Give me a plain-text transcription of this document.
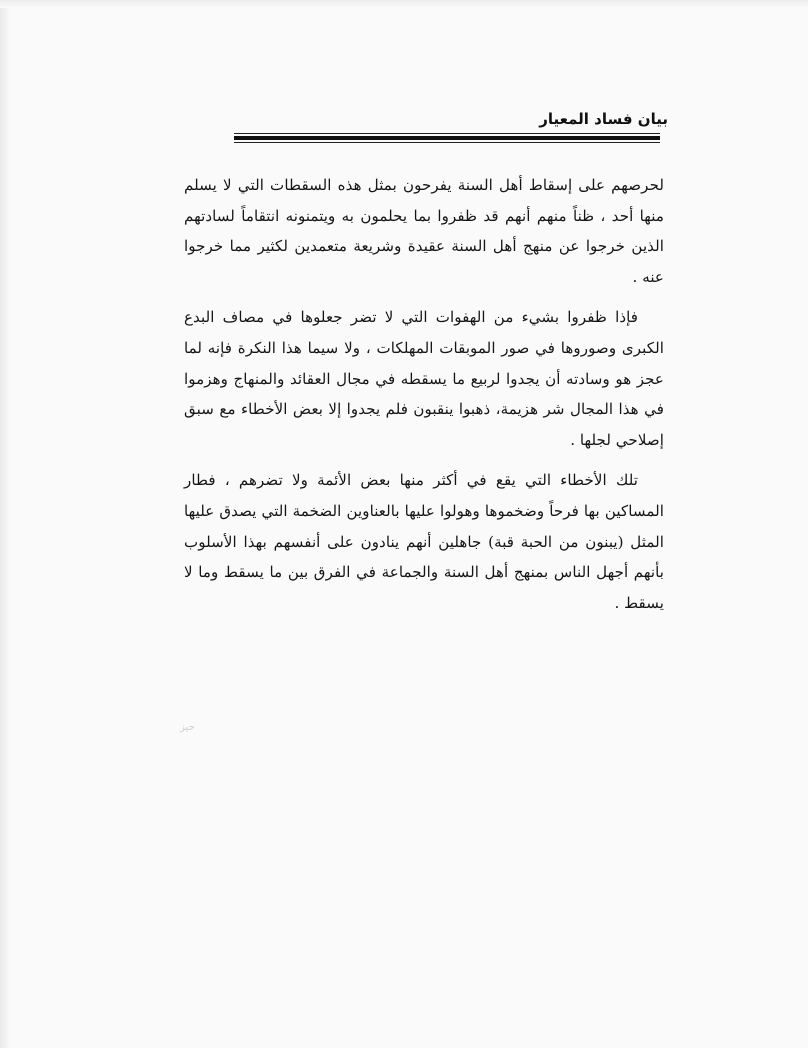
بيان فساد المعيار

لحرصهم على إسقاط أهل السنة يفرحون بمثل هذه السقطات التي لا يسلم منها أحد ، ظناً منهم أنهم قد ظفروا بما يحلمون به ويتمنونه انتقاماً لسادتهم الذين خرجوا عن منهج أهل السنة عقيدة وشريعة متعمدين لكثير مما خرجوا عنه .

فإذا ظفروا بشيء من الهفوات التي لا تضر جعلوها في مصاف البدع الكبرى وصوروها في صور الموبقات المهلكات ، ولا سيما هذا النكرة فإنه لما عجز هو وسادته أن يجدوا لربيع ما يسقطه في مجال العقائد والمنهاج وهزموا في هذا المجال شر هزيمة، ذهبوا ينقبون فلم يجدوا إلا بعض الأخطاء مع سبق إصلاحي لجلها .

تلك الأخطاء التي يقع في أكثر منها بعض الأئمة ولا تضرهم ، فطار المساكين بها فرحاً وضخموها وهولوا عليها بالعناوين الضخمة التي يصدق عليها المثل (يبنون من الحبة قبة) جاهلين أنهم ينادون على أنفسهم بهذا الأسلوب بأنهم أجهل الناس بمنهج أهل السنة والجماعة في الفرق بين ما يسقط وما لا يسقط .

حيز
